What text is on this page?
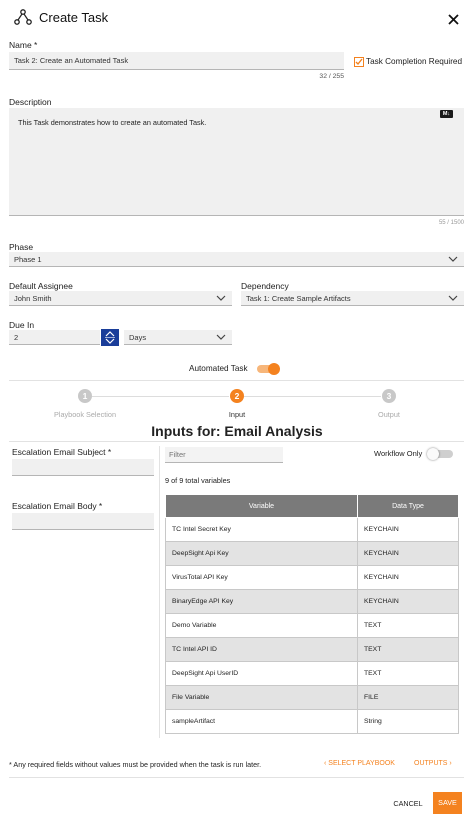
Create Task
Name *
Task 2: Create an Automated Task
32 / 255
Task Completion Required
Description
This Task demonstrates how to create an automated Task.
M↓
55 / 1500
Phase
Phase 1
Default Assignee
John Smith
Dependency
Task 1: Create Sample Artifacts
Due In
2	Days
Automated Task
1
Playbook Selection
2
Input
3
Output
Inputs for: Email Analysis
Escalation Email Subject *
Escalation Email Body *
Filter
Workflow Only
9 of 9 total variables
Variable	Data Type
TC Intel Secret Key	KEYCHAIN
DeepSight Api Key	KEYCHAIN
VirusTotal API Key	KEYCHAIN
BinaryEdge API Key	KEYCHAIN
Demo Variable	TEXT
TC Intel API ID	TEXT
DeepSight Api UserID	TEXT
File Variable	FILE
sampleArtifact	String
* Any required fields without values must be provided when the task is run later.	‹ SELECT PLAYBOOK	OUTPUTS ›
CANCEL	SAVE
